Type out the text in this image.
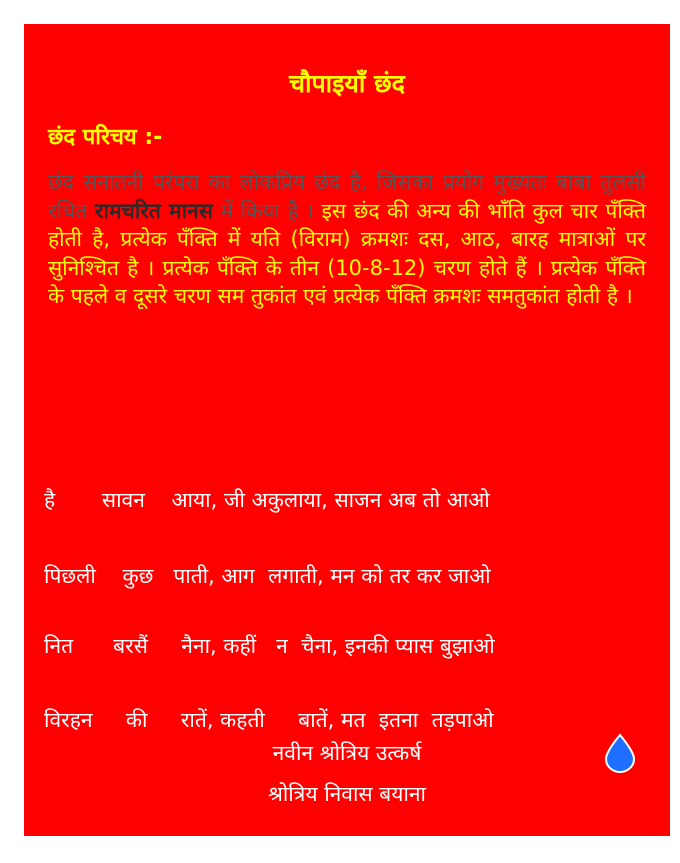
चौपाइयाँ छंद
छंद परिचय :-
छंद सनातनी परंपरा का लोकप्रिय छंद है, जिसका प्रयोग मुख्यतः बाबा तुलसी रचित रामचरित मानस में किया है । इस छंद की अन्य की भाँति कुल चार पँक्ति होती है, प्रत्येक पँक्ति में यति (विराम) क्रमशः दस, आठ, बारह मात्राओं पर सुनिश्चित है । प्रत्येक पँक्ति के तीन (10-8-12) चरण होते हैं । प्रत्येक पँक्ति के पहले व दूसरे चरण सम तुकांत एवं प्रत्येक पँक्ति क्रमशः समतुकांत होती है ।
है       सावन    आया, जी अकुलाया, साजन अब तो आओ
पिछली    कुछ   पाती, आग  लगाती, मन को तर कर जाओ
नित      बरसैं     नैना, कहीं   न  चैना, इनकी प्यास बुझाओ
विरहन     की     रातें, कहती     बातें, मत  इतना  तड़पाओ
नवीन श्रोत्रिय उत्कर्ष
श्रोत्रिय निवास बयाना
